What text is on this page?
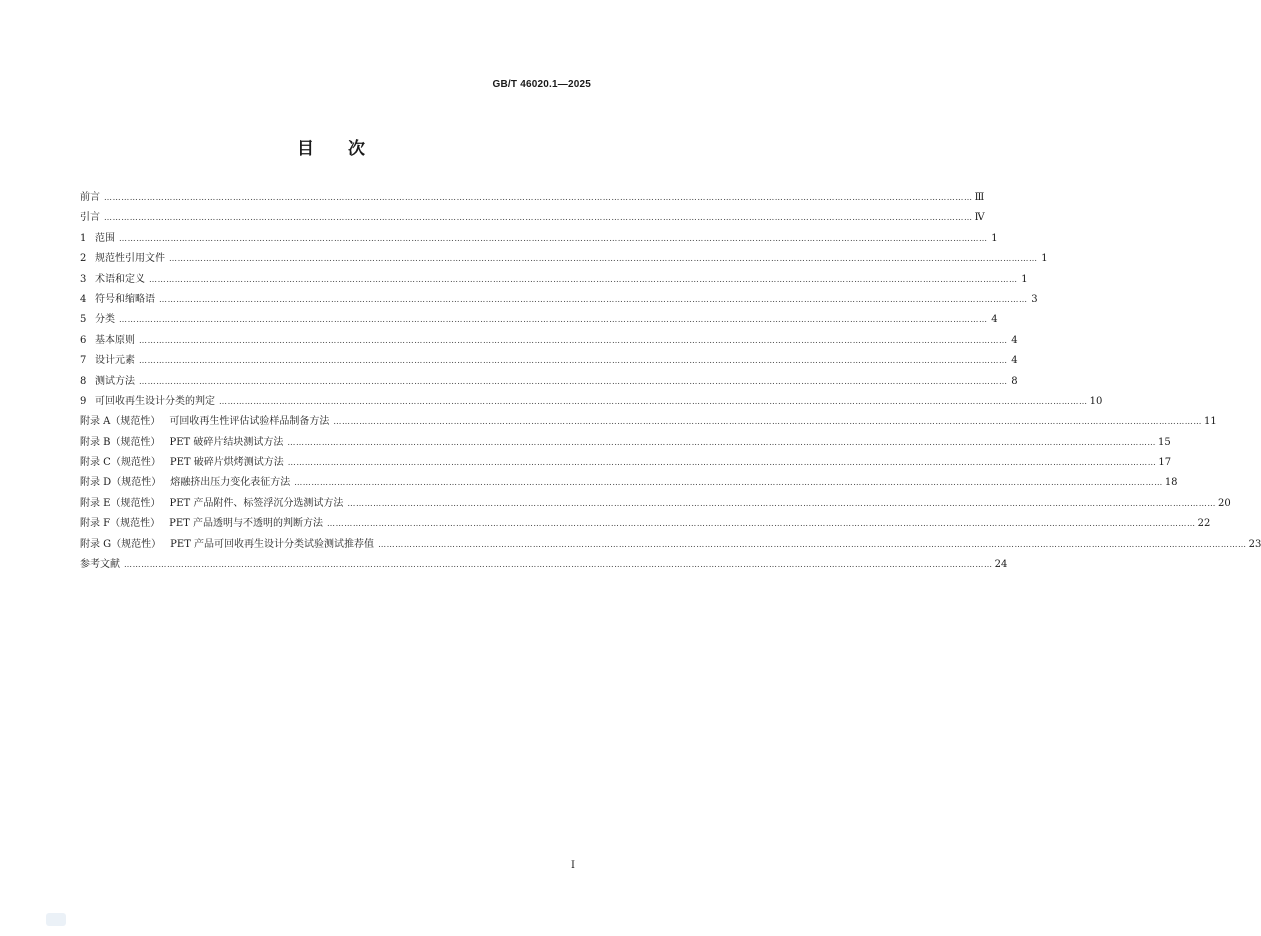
GB/T 46020.1—2025
目次
前言 …………………………………………………………………………………………………………………………………………………………………………………………………………………………………………………………………………… Ⅲ
引言 …………………………………………………………………………………………………………………………………………………………………………………………………………………………………………………………………………… Ⅳ
1 范围 …………………………………………………………………………………………………………………………………………………………………………………………………………………………………………………………………………… 1
2 规范性引用文件 …………………………………………………………………………………………………………………………………………………………………………………………………………………………………………………………………………… 1
3 术语和定义 …………………………………………………………………………………………………………………………………………………………………………………………………………………………………………………………………………… 1
4 符号和缩略语 …………………………………………………………………………………………………………………………………………………………………………………………………………………………………………………………………………… 3
5 分类 …………………………………………………………………………………………………………………………………………………………………………………………………………………………………………………………………………… 4
6 基本原则 …………………………………………………………………………………………………………………………………………………………………………………………………………………………………………………………………………… 4
7 设计元素 …………………………………………………………………………………………………………………………………………………………………………………………………………………………………………………………………………… 4
8 测试方法 …………………………………………………………………………………………………………………………………………………………………………………………………………………………………………………………………………… 8
9 可回收再生设计分类的判定 …………………………………………………………………………………………………………………………………………………………………………………………………………………………………………………………………………… 10
附录 A（规范性） 可回收再生性评估试验样品制备方法 …………………………………………………………………………………………………………………………………………………………………………………………………………………………………………………………………………… 11
附录 B（规范性） PET 破碎片结块测试方法 …………………………………………………………………………………………………………………………………………………………………………………………………………………………………………………………………………… 15
附录 C（规范性） PET 破碎片烘烤测试方法 …………………………………………………………………………………………………………………………………………………………………………………………………………………………………………………………………………… 17
附录 D（规范性） 熔融挤出压力变化表征方法 …………………………………………………………………………………………………………………………………………………………………………………………………………………………………………………………………………… 18
附录 E（规范性） PET 产品附件、标签浮沉分选测试方法 …………………………………………………………………………………………………………………………………………………………………………………………………………………………………………………………………………… 20
附录 F（规范性） PET 产品透明与不透明的判断方法 …………………………………………………………………………………………………………………………………………………………………………………………………………………………………………………………………………… 22
附录 G（规范性） PET 产品可回收再生设计分类试验测试推荐值 …………………………………………………………………………………………………………………………………………………………………………………………………………………………………………………………………………… 23
参考文献 …………………………………………………………………………………………………………………………………………………………………………………………………………………………………………………………………………… 24
Ⅰ
